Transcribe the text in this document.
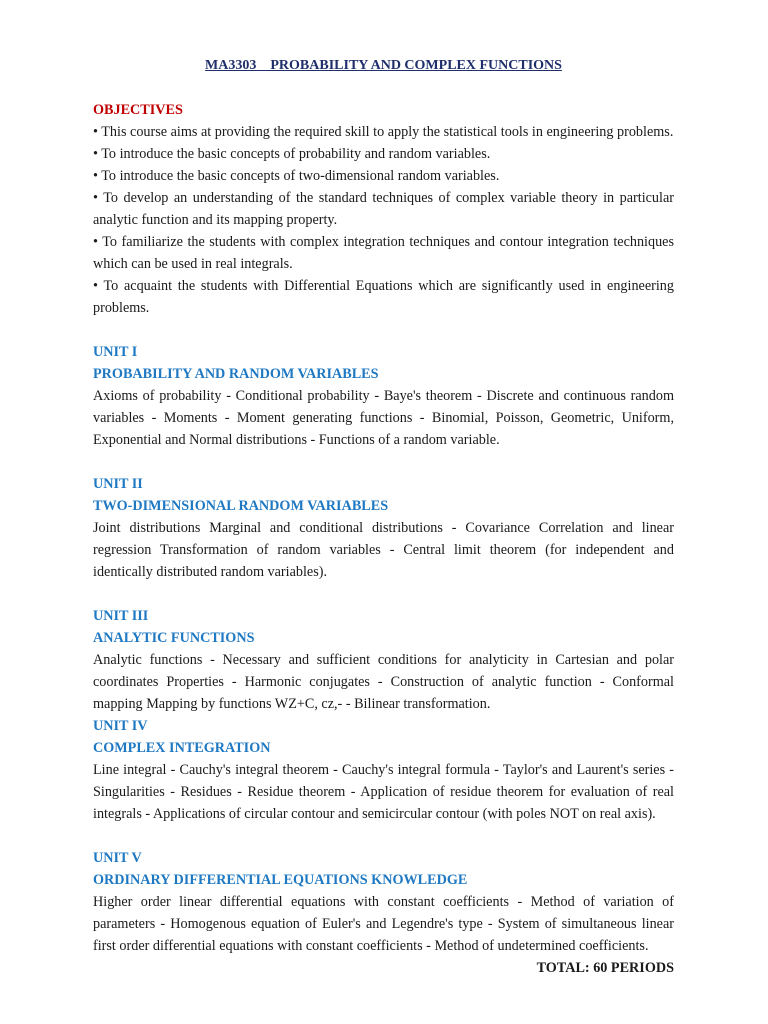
MA3303    PROBABILITY AND COMPLEX FUNCTIONS

OBJECTIVES

• This course aims at providing the required skill to apply the statistical tools in engineering problems.
• To introduce the basic concepts of probability and random variables.
• To introduce the basic concepts of two-dimensional random variables.
• To develop an understanding of the standard techniques of complex variable theory in particular analytic function and its mapping property.
• To familiarize the students with complex integration techniques and contour integration techniques which can be used in real integrals.
• To acquaint the students with Differential Equations which are significantly used in engineering problems.

UNIT I

PROBABILITY AND RANDOM VARIABLES

Axioms of probability - Conditional probability - Baye's theorem - Discrete and continuous random variables - Moments - Moment generating functions - Binomial, Poisson, Geometric, Uniform, Exponential and Normal distributions - Functions of a random variable.

UNIT II

TWO-DIMENSIONAL RANDOM VARIABLES

Joint distributions Marginal and conditional distributions - Covariance Correlation and linear regression Transformation of random variables - Central limit theorem (for independent and identically distributed random variables).

UNIT III

ANALYTIC FUNCTIONS

Analytic functions - Necessary and sufficient conditions for analyticity in Cartesian and polar coordinates Properties - Harmonic conjugates - Construction of analytic function - Conformal mapping Mapping by functions WZ+C, cz,- - Bilinear transformation.

UNIT IV

COMPLEX INTEGRATION

Line integral - Cauchy's integral theorem - Cauchy's integral formula - Taylor's and Laurent's series - Singularities - Residues - Residue theorem - Application of residue theorem for evaluation of real integrals - Applications of circular contour and semicircular contour (with poles NOT on real axis).

UNIT V

ORDINARY DIFFERENTIAL EQUATIONS KNOWLEDGE

Higher order linear differential equations with constant coefficients - Method of variation of parameters - Homogenous equation of Euler's and Legendre's type - System of simultaneous linear first order differential equations with constant coefficients - Method of undetermined coefficients.

TOTAL: 60 PERIODS
